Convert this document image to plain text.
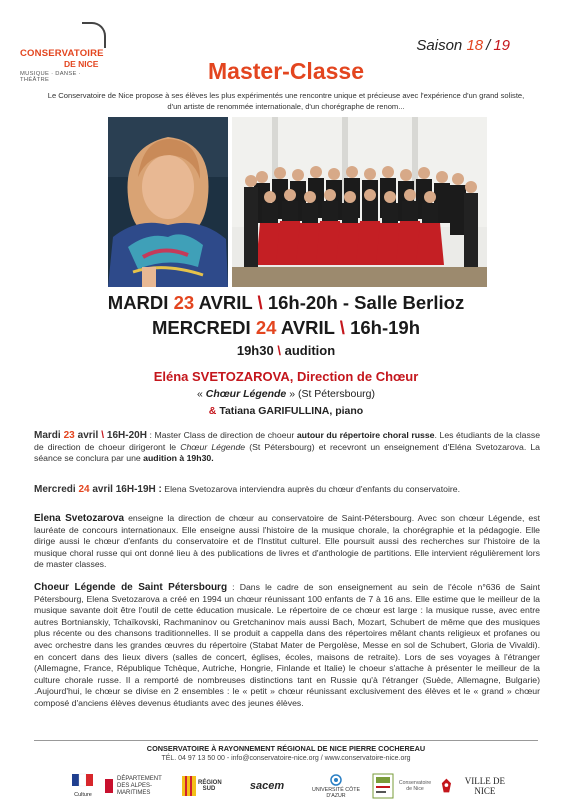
CONSERVATOIRE
DE NICE
MUSIQUE · DANSE · THÉÂTRE
Saison 18 / 19
Master-Classe
Le Conservatoire de Nice propose à ses élèves les plus expérimentés une rencontre unique et précieuse avec l'expérience d'un grand soliste, d'un artiste de renommée internationale, d'un chorégraphe de renom...
MARDI 23 AVRIL \ 16h-20h - Salle Berlioz
MERCREDI 24 AVRIL \ 16h-19h
19h30 \ audition
Eléna SVETOZAROVA, Direction de Chœur
« Chœur Légende » (St Pétersbourg)
& Tatiana GARIFULLINA, piano
Mardi 23 avril \ 16H-20H : Master Class de direction de choeur autour du répertoire choral russe. Les étudiants de la classe de direction de choeur dirigeront le Chœur Légende (St Pétersbourg) et recevront un enseignement d'Eléna Svetozarova. La séance se conclura par une audition à 19h30.
Mercredi 24 avril 16H-19H : Elena Svetozarova interviendra auprès du chœur d'enfants du conservatoire.
Elena Svetozarova enseigne la direction de chœur au conservatoire de Saint-Pétersbourg. Avec son chœur Légende, est lauréate de concours internationaux. Elle enseigne aussi l'histoire de la musique chorale, la chorégraphie et la pédagogie. Elle dirige aussi le chœur d'enfants du conservatoire et de l'Institut culturel. Elle poursuit aussi des recherches sur l'histoire de la musique choral russe qui ont donné lieu à des publications de livres et d'anthologie de partitions. Elle intervient régulièrement lors de master classes.
Choeur Légende de Saint Pétersbourg : Dans le cadre de son enseignement au sein de l'école n°636 de Saint Pétersbourg, Elena Svetozarova a créé en 1994 un chœur réunissant 100 enfants de 7 à 16 ans. Elle estime que le meilleur de la musique savante doit être l'outil de cette éducation musicale. Le répertoire de ce chœur est large : la musique russe, avec entre autres Bortnianskiy, Tchaïkovski, Rachmaninov ou Gretchaninov mais aussi Bach, Mozart, Schubert de même que des musiques plus récente ou des chansons traditionnelles. Il se produit a cappella dans des répertoires mêlant chants religieux et profanes ou avec orchestre dans les grandes œuvres du répertoire (Stabat Mater de Pergolèse, Messe en sol de Schubert, Gloria de Vivaldi). en concert dans des lieux divers (salles de concert, églises, écoles, maisons de retraite). Lors de ses voyages à l'étranger (Allemagne, France, République Tchèque, Autriche, Hongrie, Finlande et Italie) le choeur s'attache à présenter le meilleur de la culture chorale russe. Il a remporté de nombreuses distinctions tant en Russie qu'à l'étranger (Suède, Allemagne, Bulgarie) .Aujourd'hui, le chœur se divise en 2 ensembles : le « petit » chœur réunissant exclusivement des élèves et le « grand » chœur composé d'anciens élèves devenus étudiants avec des jeunes élèves.
CONSERVATOIRE À RAYONNEMENT RÉGIONAL DE NICE PIERRE COCHEREAU
TÉL. 04 97 13 50 00 - info@conservatoire-nice.org / www.conservatoire-nice.org
Culture
DÉPARTEMENT DES ALPES-MARITIMES
RÉGION SUD	sacem	UNIVERSITÉ CÔTE D'AZUR
Conservatoire de Nice
VILLE DE NICE
